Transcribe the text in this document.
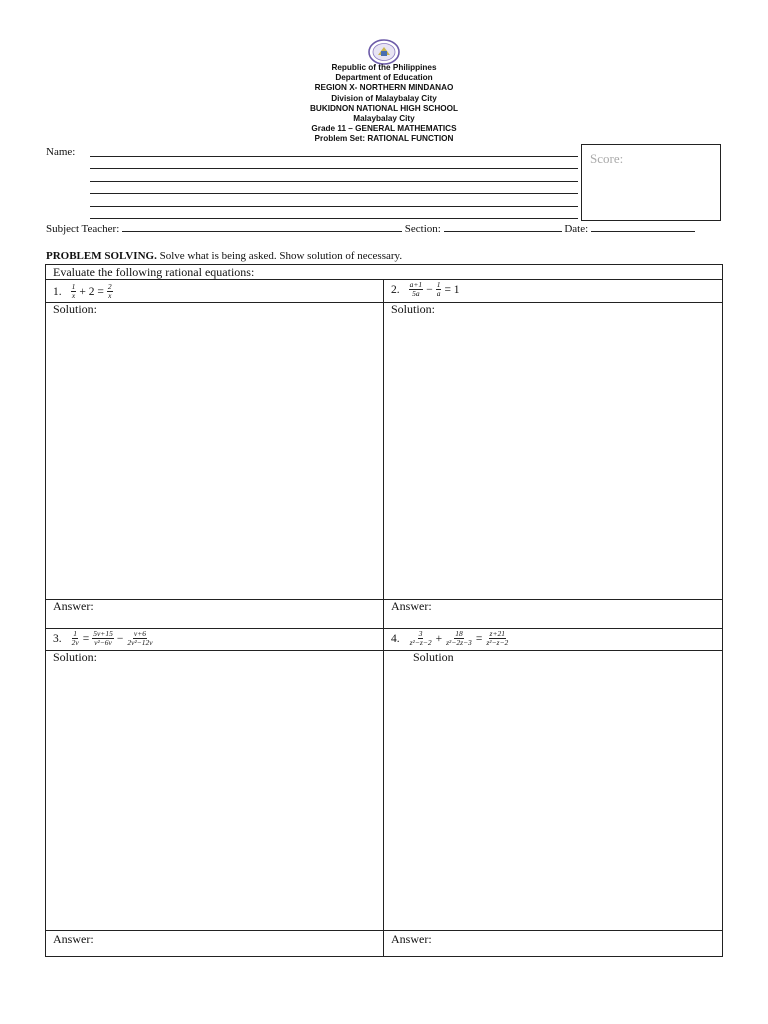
Republic of the Philippines
Department of Education
REGION X- NORTHERN MINDANAO
Division of Malaybalay City
BUKIDNON NATIONAL HIGH SCHOOL
Malaybalay City
Grade 11 – GENERAL MATHEMATICS
Problem Set: RATIONAL FUNCTION
Name:	Score:
Subject Teacher:	Section:	Date:
PROBLEM SOLVING. Solve what is being asked. Show solution of necessary.
Evaluate the following rational equations:
1. $\frac{1}{x} + 2 = \frac{2}{x}$
Solution:
Answer:
2. $\frac{a+1}{5a} - \frac{1}{a} = 1$
Solution:
Answer:
3. $\frac{1}{2v} = \frac{5v+15}{\text{v²−6v}} - \frac{v+6}{\text{2v²−12v}}$
Solution:
Answer:
4. $\frac{3}{\text{z²−z−2}} + \frac{18}{\text{z²−2z−3}} = \frac{z+21}{\text{z²−z−2}}$
Solution
Answer:
